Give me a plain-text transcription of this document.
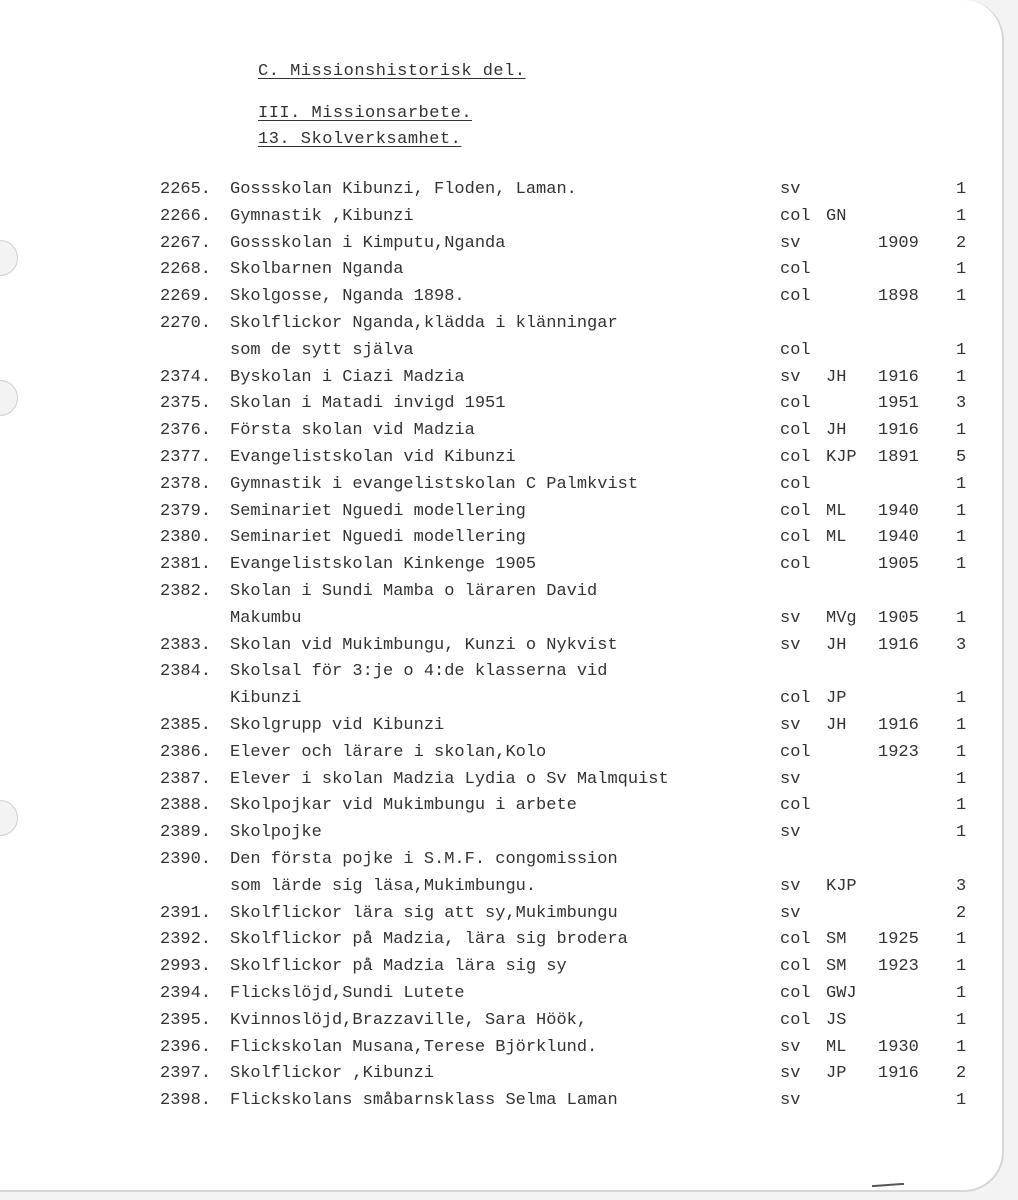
C. Missionshistorisk del.
III. Missionsarbete.
13. Skolverksamhet.
2265. Gossskolan Kibunzi, Floden, Laman.	sv	1
2266. Gymnastik ,Kibunzi	col GN	1
2267. Gossskolan i Kimputu,Nganda	sv	1909 2
2268. Skolbarnen Nganda	col	1
2269. Skolgosse, Nganda 1898.	col	1898 1
2270. Skolflickor Nganda,klädda i klänningar
som de sytt själva	col	1
2374. Byskolan i Ciazi Madzia	sv JH 1916 1
2375. Skolan i Matadi invigd 1951	col	1951 3
2376. Första skolan vid Madzia	col JH 1916 1
2377. Evangelistskolan vid Kibunzi	col KJP 1891 5
2378. Gymnastik i evangelistskolan C Palmkvist	col	1
2379. Seminariet Nguedi modellering	col ML 1940 1
2380. Seminariet Nguedi modellering	col ML 1940 1
2381. Evangelistskolan Kinkenge 1905	col	1905 1
2382. Skolan i Sundi Mamba o läraren David
Makumbu	sv MVg 1905 1
2383. Skolan vid Mukimbungu, Kunzi o Nykvist	sv JH 1916 3
2384. Skolsal för 3:je o 4:de klasserna vid
Kibunzi	col JP	1
2385. Skolgrupp vid Kibunzi	sv JH 1916 1
2386. Elever och lärare i skolan,Kolo	col	1923 1
2387. Elever i skolan Madzia Lydia o Sv Malmquist	sv	1
2388. Skolpojkar vid Mukimbungu i arbete	col	1
2389. Skolpojke	sv	1
2390. Den första pojke i S.M.F. congomission
som lärde sig läsa,Mukimbungu.	sv KJP	3
2391. Skolflickor lära sig att sy,Mukimbungu	sv	2
2392. Skolflickor på Madzia, lära sig brodera	col SM 1925 1
2993. Skolflickor på Madzia lära sig sy	col SM 1923 1
2394. Flickslöjd,Sundi Lutete	col GWJ	1
2395. Kvinnoslöjd,Brazzaville, Sara Höök,	col JS	1
2396. Flickskolan Musana,Terese Björklund.	sv ML 1930 1
2397. Skolflickor ,Kibunzi	sv JP 1916 2
2398. Flickskolans småbarnsklass Selma Laman	sv	1
